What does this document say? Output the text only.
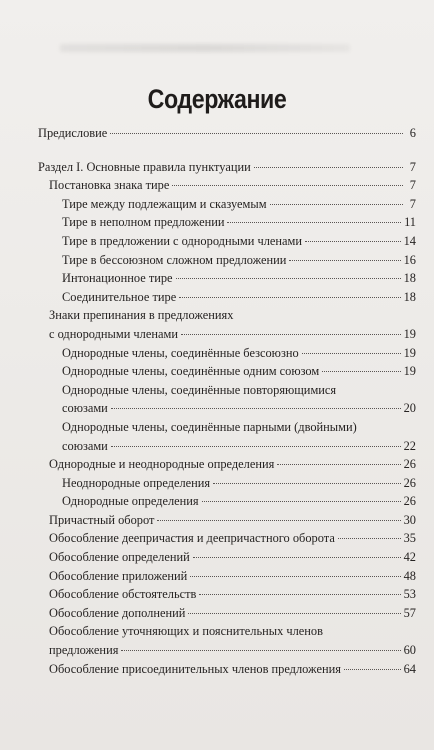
Содержание
Предисловие	6
Раздел I. Основные правила пунктуации	7
Постановка знака тире	7
Тире между подлежащим и сказуемым	7
Тире в неполном предложении	11
Тире в предложении с однородными членами	14
Тире в бессоюзном сложном предложении	16
Интонационное тире	18
Соединительное тире	18
Знаки препинания в предложениях
с однородными членами	19
Однородные члены, соединённые безсоюзно	19
Однородные члены, соединённые одним союзом	19
Однородные члены, соединённые повторяющимися
союзами	20
Однородные члены, соединённые парными (двойными)
союзами	22
Однородные и неоднородные определения	26
Неоднородные определения	26
Однородные определения	26
Причастный оборот	30
Обособление деепричастия и деепричастного оборота	35
Обособление определений	42
Обособление приложений	48
Обособление обстоятельств	53
Обособление дополнений	57
Обособление уточняющих и пояснительных членов
предложения	60
Обособление присоединительных членов предложения	64
